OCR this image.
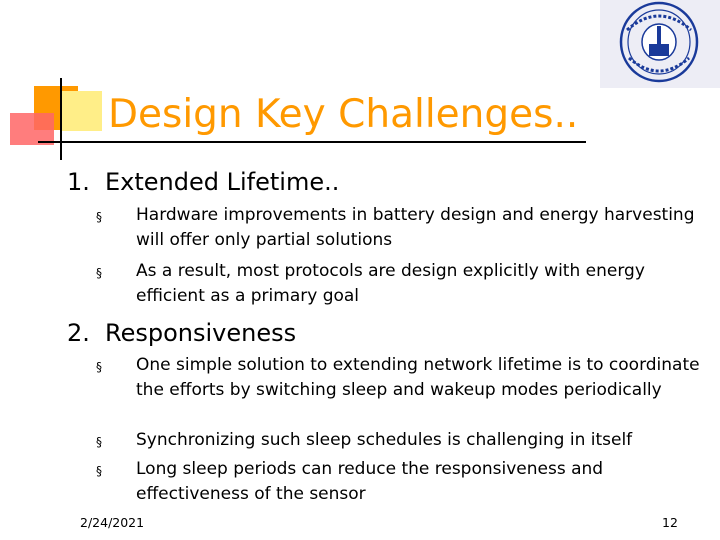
Design Key Challenges..
1. Extended Lifetime..
§ Hardware improvements in battery design and energy harvesting will offer only partial solutions
§ As a result, most protocols are design explicitly with energy efficient as a primary goal
2. Responsiveness
§ One simple solution to extending network lifetime is to coordinate the efforts by switching sleep and wakeup modes periodically
§ Synchronizing such sleep schedules is challenging in itself
§ Long sleep periods can reduce the responsiveness and effectiveness of the sensor
2/24/2021	12
